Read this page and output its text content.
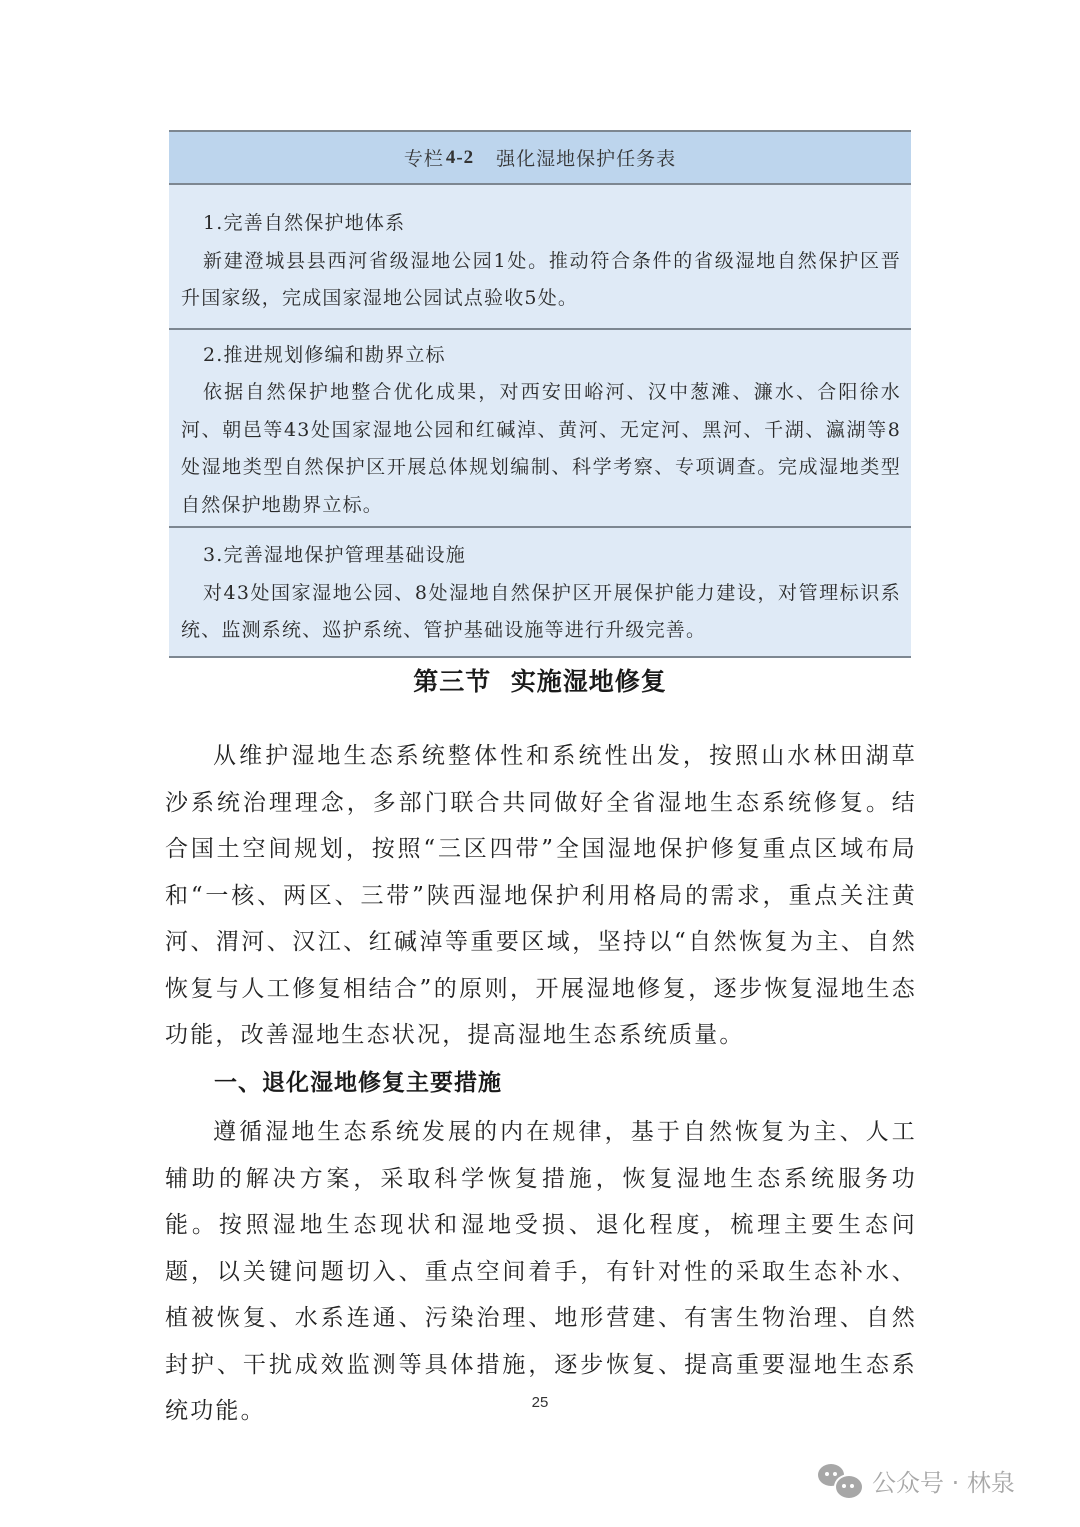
专栏 4-2 强化湿地保护任务表
1.完善自然保护地体系
新建澄城县县西河省级湿地公园1处。推动符合条件的省级湿地自然保护区晋升国家级，完成国家湿地公园试点验收5处。
2.推进规划修编和勘界立标
依据自然保护地整合优化成果，对西安田峪河、汉中葱滩、濂水、合阳徐水河、朝邑等43处国家湿地公园和红碱淖、黄河、无定河、黑河、千湖、瀛湖等8处湿地类型自然保护区开展总体规划编制、科学考察、专项调查。完成湿地类型自然保护地勘界立标。
3.完善湿地保护管理基础设施
对43处国家湿地公园、8处湿地自然保护区开展保护能力建设，对管理标识系统、监测系统、巡护系统、管护基础设施等进行升级完善。
第三节  实施湿地修复
从维护湿地生态系统整体性和系统性出发，按照山水林田湖草沙系统治理理念，多部门联合共同做好全省湿地生态系统修复。结合国土空间规划，按照“三区四带”全国湿地保护修复重点区域布局和“一核、两区、三带”陕西湿地保护利用格局的需求，重点关注黄河、渭河、汉江、红碱淖等重要区域，坚持以“自然恢复为主、自然恢复与人工修复相结合”的原则，开展湿地修复，逐步恢复湿地生态功能，改善湿地生态状况，提高湿地生态系统质量。
一、退化湿地修复主要措施
遵循湿地生态系统发展的内在规律，基于自然恢复为主、人工辅助的解决方案，采取科学恢复措施，恢复湿地生态系统服务功能。按照湿地生态现状和湿地受损、退化程度，梳理主要生态问题，以关键问题切入、重点空间着手，有针对性的采取生态补水、植被恢复、水系连通、污染治理、地形营建、有害生物治理、自然封护、干扰成效监测等具体措施，逐步恢复、提高重要湿地生态系统功能。	25
公众号 · 林泉
